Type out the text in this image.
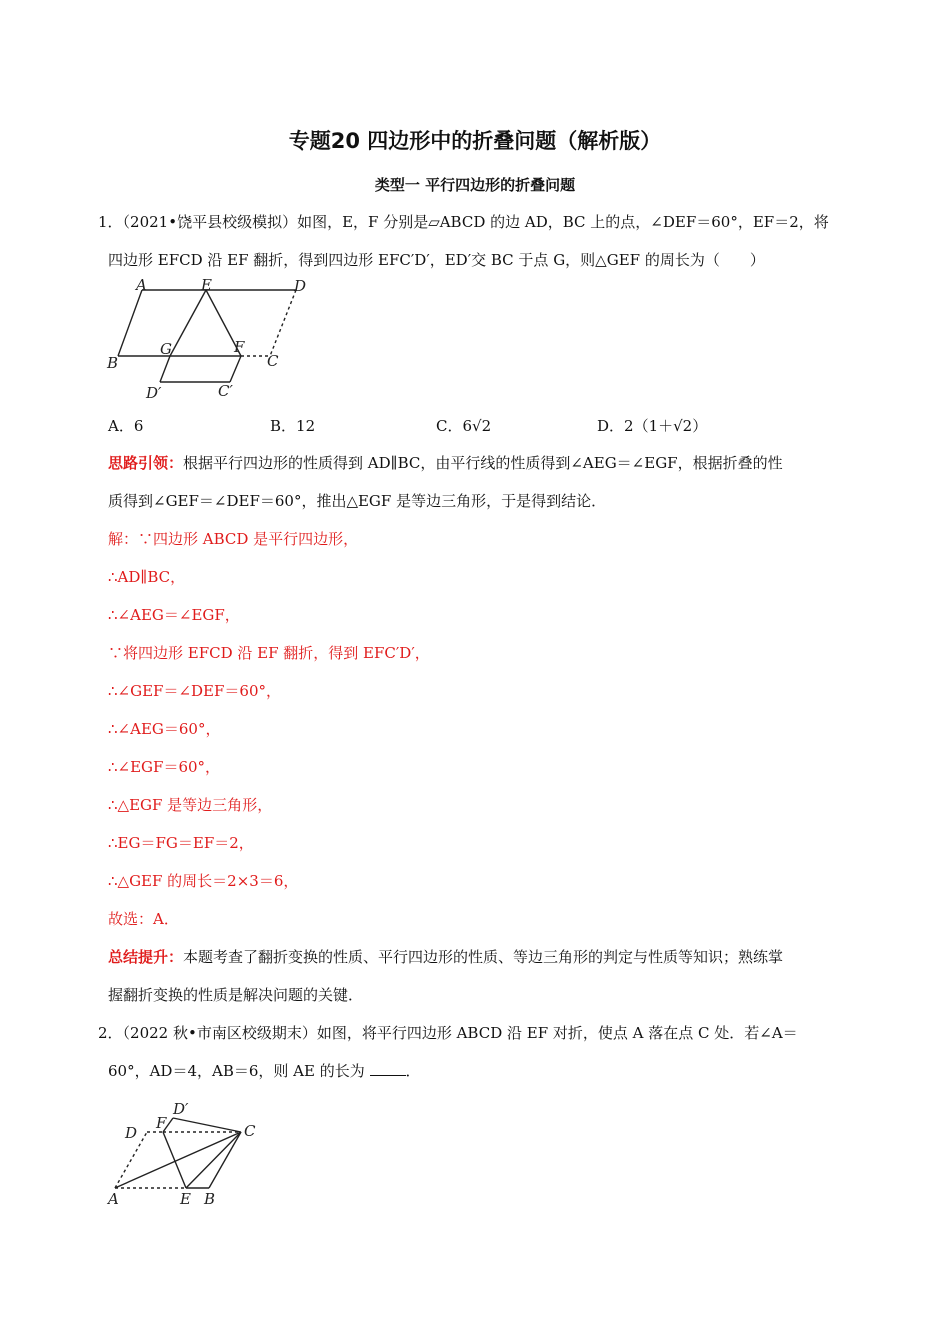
专题20 四边形中的折叠问题（解析版）
类型一 平行四边形的折叠问题
1．（2021•饶平县校级模拟）如图，E，F 分别是▱ABCD 的边 AD，BC 上的点，∠DEF＝60°，EF＝2，将
四边形 EFCD 沿 EF 翻折，得到四边形 EFC′D′，ED′交 BC 于点 G，则△GEF 的周长为（　　）
A	E	D
B
G	F
C
D′	C′
A．6	B．12	C．6√2	D．2（1＋√2）
思路引领：根据平行四边形的性质得到 AD∥BC，由平行线的性质得到∠AEG＝∠EGF，根据折叠的性
质得到∠GEF＝∠DEF＝60°，推出△EGF 是等边三角形，于是得到结论．
解：∵四边形 ABCD 是平行四边形，
∴AD∥BC，
∴∠AEG＝∠EGF，
∵将四边形 EFCD 沿 EF 翻折，得到 EFC′D′，
∴∠GEF＝∠DEF＝60°，
∴∠AEG＝60°，
∴∠EGF＝60°，
∴△EGF 是等边三角形，
∴EG＝FG＝EF＝2，
∴△GEF 的周长＝2×3＝6，
故选：A．
总结提升：本题考查了翻折变换的性质、平行四边形的性质、等边三角形的判定与性质等知识；熟练掌
握翻折变换的性质是解决问题的关键．
2．（2022 秋•市南区校级期末）如图，将平行四边形 ABCD 沿 EF 对折，使点 A 落在点 C 处．若∠A＝
60°，AD＝4，AB＝6，则 AE 的长为	．
D′
F
D	C
A	E B
